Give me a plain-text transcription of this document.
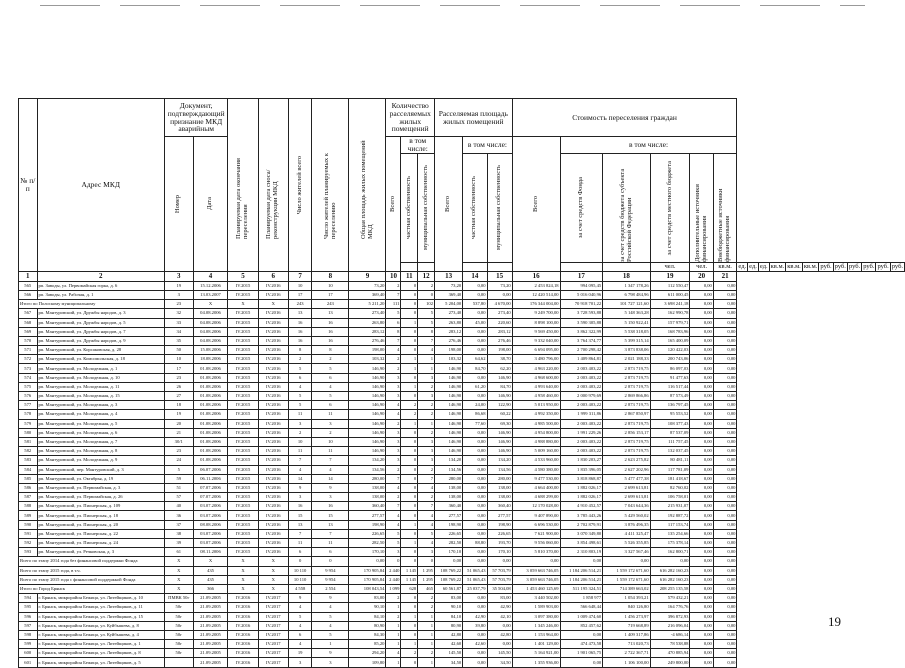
№ п/п	Адрес МКД	Документ, подтверждающий признание МКД аварийным		Планируемая дата окончания переселения	Планируемая дата сноса/реконструкции МКД	Число жителей всего	Число жителей планируемых к переселению	Общая площадь жилых помещений МКД	Количество расселяемых жилых помещений			Расселяемая площадь жилых помещений			Стоимость переселения граждан																	

		Номер	Дата						Всего	в том числе:		Всего	в том числе:		Всего	в том числе:																

										частная собственность	муниципальная собственность		частная собственность	муниципальная собственность		за счет средств Фонда	за счет средств бюджета субъекта Российской Федерации	за счет средств местного бюджета	Дополнительные источники финансирования	Внебюджетные источники финансирования												

																		чел.	чел.	кв.м.	ед.	ед.	ед.	кв.м.	кв.м.	кв.м.	руб.	руб.	руб.	руб.	руб.	руб.
1	2	3	4	5	6	7	8	9	10	11	12	13	14	15	16	17	18	19	20	21												
565	рп. Заводы, ул. Первомайская горка, д. 6	19	15.12.2006	IV.2015	IV.2016	10	10	73,20	2	0	2	73,20	0,00	73,20	2 453 824,18	994 095,45	1 347 178,26	112 550,47	0,00	0,00												
566	рп. Заводы, ул. Рабочая, д. 1	3	13.03.2007	IV.2015	IV.2016	17	17	369,40	7	0	0	369,40	0,00	0,00	12 420 514,00	5 016 040,96	6 798 484,96	611 000,45	0,00	0,00												
Итого по Полоскому муниципальному		23	X	X	X	243	243	5 211,20	111	0	102	5 204,00	537,80	4 670,00	176 344 004,00	70 918 701,22	101 727 121,60	3 698 241,18	0,00	0,00												
567	рп. Мантуровский, ул. Дружбы народов, д. 3	32	04.08.2006	IV.2015	IV.2016	13	13	273,40	5	0	5	273,40	0,00	273,40	9 249 700,00	3 728 593,88	5 148 363,28	162 990,78	0,00	0,00												
568	рп. Мантуровский, ул. Дружбы народов, д. 5	33	04.08.2006	IV.2015	IV.2016	16	16	263,80	6	1	5	263,80	45,00	220,60	8 898 100,00	3 590 305,88	5 150 922,41	157 979,71	0,00	0,00												
569	рп. Мантуровский, ул. Дружбы народов, д. 7	34	04.08.2006	IV.2015	IV.2016	16	16	283,12	8	0	8	283,12	0,00	283,12	9 569 450,00	3 862 322,99	5 538 318,05	168 783,96	0,00	0,00												
570	рп. Мантуровский, ул. Дружбы народов, д. 9	35	04.08.2006	IV.2015	IV.2016	16	16	276,46	7	0	7	276,46	0,00	276,46	9 332 040,00	3 764 374,77	5 399 315,14	165 400,09	0,00	0,00												
571	рп. Мантуровский, ул. Корсаковская, д. 28	50	15.08.2006	IV.2015	IV.2016	8	8	198,00	4	0	4	198,00	0,00	198,00	6 694 095,00	2 700 298,42	3 873 838,06	120 422,03	0,00	0,00												
572	рп. Мантуровский, ул. Комсомольская, д. 18	10	18.08.2006	IV.2015	IV.2016	2	2	103,32	2	1	1	103,32	64,62	38,70	3 480 796,00	1 409 864,81	2 021 188,33	200 743,06	0,00	0,00												
573	рп. Мантуровский, ул. Молодежная, д. 1	17	01.08.2006	IV.2015	IV.2016	5	5	146,90	2	1	1	146,90	84,70	62,20	4 963 220,00	2 003 403,22	2 873 719,75	86 097,03	0,00	0,00												
574	рп. Мантуровский, ул. Молодежная, д. 10	23	01.08.2006	IV.2015	IV.2016	6	6	146,90	3	0	3	146,90	0,00	146,90	4 968 600,00	2 003 403,22	2 873 719,75	91 477,63	0,00	0,00												
575	рп. Мантуровский, ул. Молодежная, д. 11	26	01.08.2006	IV.2015	IV.2016	4	4	146,90	3	1	2	146,90	61,20	84,70	4 993 640,00	2 003 403,22	2 873 719,75	116 517,44	0,00	0,00												
576	рп. Мантуровский, ул. Молодежная, д. 15	27	01.08.2006	IV.2015	IV.2016	5	5	146,90	3	0	3	146,90	0,00	146,90	4 958 460,00	2 000 979,69	2 869 866,86	87 573,49	0,00	0,00												
577	рп. Мантуровский, ул. Молодежная, д. 3	18	01.08.2006	IV.2015	IV.2016	5	6	146,90	4	2	2	146,90	24,00	122,90	5 013 950,00	2 003 403,22	2 873 719,75	136 797,45	0,00	0,00												
578	рп. Мантуровский, ул. Молодежная, д. 4	19	01.08.2006	IV.2015	IV.2016	11	11	146,90	4	2	2	146,90	86,68	60,22	4 992 350,00	1 999 311,86	2 867 850,97	95 553,52	0,00	0,00												
579	рп. Мантуровский, ул. Молодежная, д. 5	20	01.08.2006	IV.2015	IV.2016	3	3	146,90	2	1	1	146,90	77,60	69,30	4 985 500,00	2 003 403,22	2 873 719,75	108 377,43	0,00	0,00												
580	рп. Мантуровский, ул. Молодежная, д. 6	21	01.08.2006	IV.2015	IV.2016	2	2	146,90	3	0	2	146,90	0,00	146,90	4 954 800,00	1 991 229,26	2 856 153,17	87 537,09	0,00	0,00												
581	рп. Мантуровский, ул. Молодежная, д. 7	30/1	01.08.2006	IV.2015	IV.2016	10	10	146,90	3	0	3	146,90	0,00	146,90	4 988 880,00	2 003 403,22	2 873 719,75	111 757,45	0,00	0,00												
582	рп. Мантуровский, ул. Молодежная, д. 8	23	01.08.2006	IV.2015	IV.2016	11	11	146,90	3	0	3	146,90	0,00	146,90	5 009 160,00	2 003 403,22	2 873 719,75	132 037,45	0,00	0,00												
583	рп. Мантуровский, ул. Молодежная, д. 9	24	01.08.2006	IV.2015	IV.2016	7	7	134,20	3	0	3	134,20	0,00	134,20	4 533 960,00	1 830 203,27	2 623 275,82	80 481,11	0,00	0,00												
584	рп. Мантуровский, пер. Мантуровский, д. 3	5	06.07.2006	IV.2015	IV.2016	4	4	134,56	2	0	2	134,56	0,00	134,56	4 580 380,00	1 835 396,05	2 627 202,96	117 781,09	0,00	0,00												
585	рп. Мантуровский, ул. Октябрья, д. 19	59	06.11.2006	IV.2015	IV.2016	14	14	280,00	7	0	7	280,00	0,00	280,00	9 477 530,00	3 818 868,87	5 477 477,38	181 418,67	0,00	0,00												
586	рп. Мантуровский, ул. Первомайская, д. 3	51	07.07.2006	IV.2015	IV.2016	9	9	138,00	4	0	4	138,00	0,00	138,00	4 664 400,00	1 882 026,17	2 699 613,81	82 760,02	0,00	0,00												
587	рп. Мантуровский, ул. Первомайская, д. 26	57	07.07.2006	IV.2015	IV.2016	3	3	138,00	2	0	2	138,00	0,00	138,00	4 688 299,00	1 882 026,17	2 699 613,81	106 758,01	0,00	0,00												
588	рп. Мантуровский, ул. Пионерская, д. 109	40	03.07.2006	IV.2015	IV.2016	16	16	360,40	7	0	7	360,40	0,00	360,40	12 170 028,00	4 910 452,57	7 043 644,36	215 931,07	0,00	0,00												
589	рп. Мантуровский, ул. Пионерская, д. 18	36	03.07.2006	IV.2015	IV.2016	15	15	277,57	4	0	4	277,57	0,00	277,57	9 407 890,00	3 785 443,26	5 429 560,02	192 887,72	0,00	0,00												
590	рп. Мантуровский, ул. Пионерская, д. 20	37	08.08.2006	IV.2015	IV.2016	13	13	198,90	4	1	4	198,90	0,00	198,90	6 696 530,00	2 702 879,91	3 876 496,35	117 153,74	0,00	0,00												
591	рп. Мантуровский, ул. Пионерская, д. 22	38	03.07.2006	IV.2015	IV.2016	7	7	226,65	5	0	5	226,65	0,00	226,65	7 621 900,00	3 070 349,80	4 411 325,47	135 254,66	0,00	0,00												
592	рп. Мантуровский, ул. Пионерская, д. 24	39	03.07.2006	IV.2015	IV.2016	11	11	282,50	5	1	4	282,50	88,80	193,70	9 556 060,00	3 854 498,61	5 526 355,85	175 378,14	0,00	0,00												
593	рп. Мантуровский, ул. Речковская, д. 3	61	08.11.2006	IV.2015	IV.2016	6	6	170,10	3	0	3	170,10	0,00	170,10	5 810 370,00	2 310 803,19	3 327 567,46	162 800,71	0,00	0,00												
Всего по этапу 2014 года без финансовой поддержки Фонда		X	X	X	X	0	0	0,00	0	0	0	0,00	0,00	0,00	0,00	0,00	0,00	0,00	0,00	0,00												
Всего по этапу 2015 года, в т.ч.		X	435	X	X	10 110	9 954	170 905,84	2 440	1 145	1 295	108 769,22	51 065,43	57 703,79	3 059 663 746,05	1 184 206 514,21	1 559 172 671,60	616 282 160,23	0,00	0,00												
Всего по этапу 2015 года с финансовой поддержкой Фонда		X	435	X	X	10 110	9 954	170 905,84	2 440	1 145	1 295	108 769,22	51 065,43	57 703,79	3 059 663 746,05	1 184 206 514,21	1 559 172 671,60	616 282 160,23	0,00	0,00												
Итого по Город Брянск		X	366	X	X	4 558	2 554	108 043,54	1 099	628	465	60 561,87	25 037,79	35 504,08	1 453 460 125,69	511 195 324,51	714 389 663,02	208 255 135,58	0,00	0,00												
594	г. Брянск, микрорайон Бежица, ул. Литейщиков, д. 10	ПМВК 50г	21.09.2005	IV.2016	IV.2017	9	9	83,00	2	0	2	83,00	0,00	83,00	3 440 502,00	1 858 977	1 054 393,21	579 432,21	0,00	0,00												
595	г. Брянск, микрорайон Бежица, ул. Литейщиков, д. 11	50г	21.09.2005	IV.2016	IV.2017	4	4	90,10	1	0	2	90,10	0,00	42,90	1 589 903,00	566 648,44	840 126,80	164 776,76	0,00	0,00												
596	г. Брянск, микрорайон Бежица, ул. Литейщиков, д. 15	50г	21.09.2005	IV.2016	IV.2017	5	5	84,10	2	1	1	84,10	42,90	42,10	3 097 380,00	1 009 474,60	1 456 273,97	396 872,93	0,00	0,00												
597	г. Брянск, микрорайон Бежица, ул. Куйбышева, д. 8	50г	21.09.2005	IV.2016	IV.2017	4	4	80,90	1	0	1	80,90	39,80	0,00	1 345 246,00	852 457,62	719 668,89	216 096,04	0,00	0,00												
598	г. Брянск, микрорайон Бежица, ул. Куйбышева, д. 4	50г	21.09.2005	IV.2016	IV.2017	6	5	84,30	1	0	1	42,80	0,00	42,80	1 153 964,00	0,00	1 409 317,86	-4 686,14	0,00	0,00												
599	г. Брянск, микрорайон Бежица, ул. Литейщиков, д. 1	50г	21.09.2005	IV.2016	IV.2017	4	1	85,20	1	1	1	42,60	42,60	0,00	1 401 129,00	474 473,58	713 020,73	78 538,88	0,00	0,00												
600	г. Брянск, микрорайон Бежица, ул. Литейщиков, д. 8	50г	21.09.2005	IV.2016	IV.2017	19	9	294,20	4	2	2	145,50	0,00	145,50	5 164 921,00	1 901 065,75	2 722 367,71	470 885,94	0,00	0,00												
601	г. Брянск, микрорайон Бежица, ул. Литейщиков, д. 5		21.09.2005	IV.2016	IV.2017	3	3	109,80	1	0	1	34,50	0,00	34,50	1 355 936,00	0,00	1 106 100,00	249 800,00	0,00	0,00												
19
